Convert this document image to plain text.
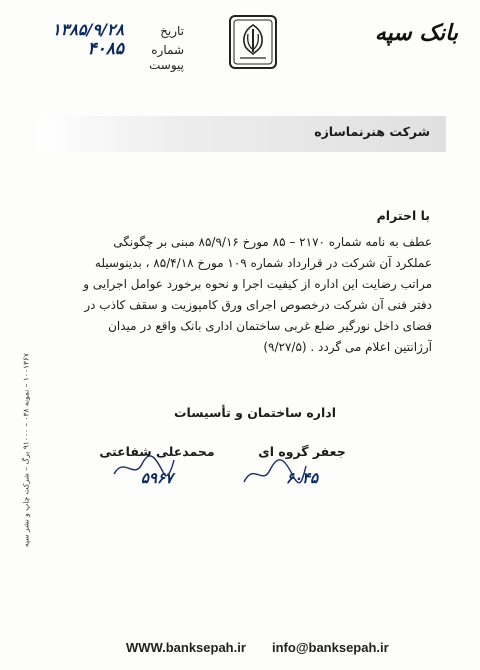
بانک سپه
تاریخ
۱۳۸۵/۹/۲۸
شماره
۴۰۸۵
پیوست
شرکت هنرنماسازه
با احترام
عطف به نامه شماره ۲۱۷۰ – ۸۵ مورخ ۸۵/۹/۱۶ مبنی بر چگونگی
عملکرد آن شرکت در قرارداد شماره ۱۰۹ مورخ ۸۵/۴/۱۸ ، بدینوسیله
مراتب رضایت این اداره از کیفیت اجرا و نحوه برخورد عوامل اجرایی و
دفتر فنی آن شرکت درخصوص اجرای ورق کامپوزیت و سقف کاذب در
فضای داخل نورگیر ضلع غربی ساختمان اداری بانک واقع در میدان
آرژانتین اعلام می گردد . (۹/۲۷/۵)
اداره ساختمان و تأسیسات
جعفر گروه ای
۶۰۴۵
محمدعلی شفاعتی
۵۹۶۷
۱۰۰۱۳۶۷ – نمونه ۰۳۸ – ۹۱۰۰۰ برگ – شرکت چاپ و نشر سپه
WWW.banksepah.ir info@banksepah.ir
